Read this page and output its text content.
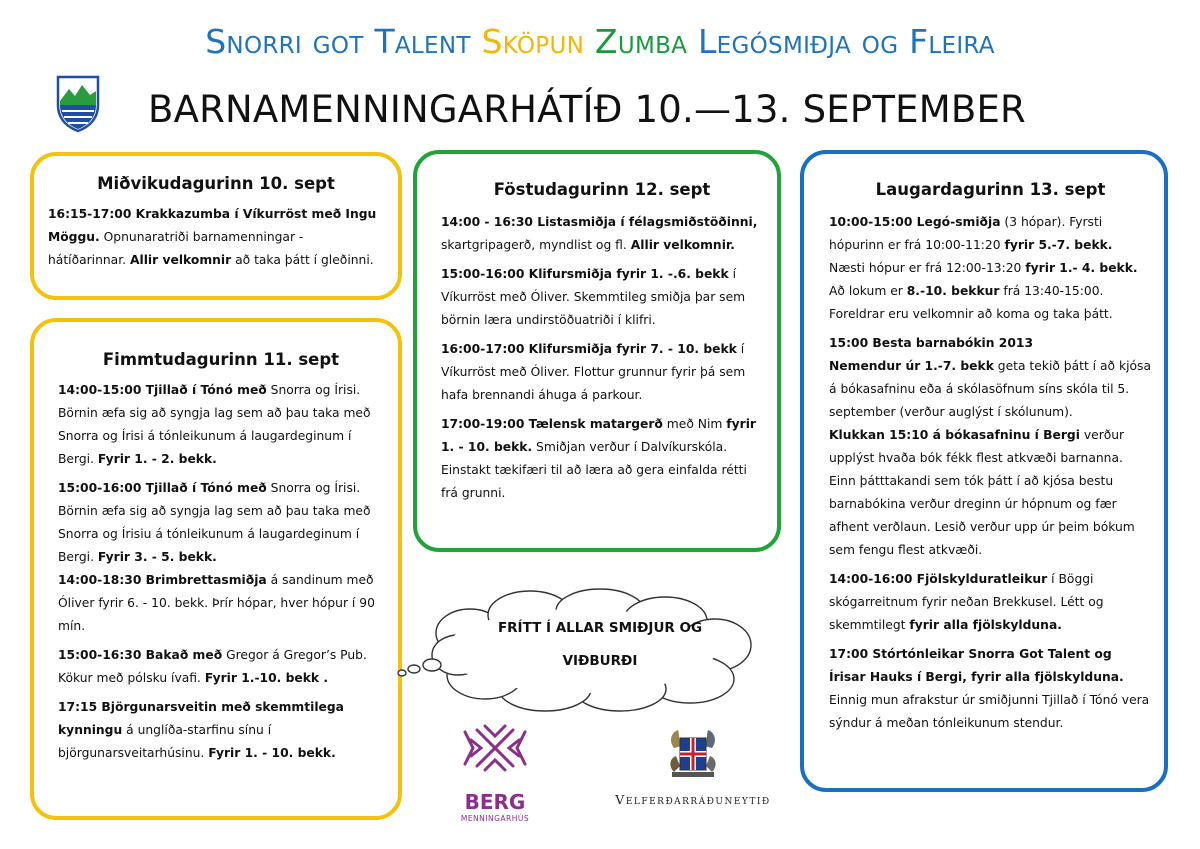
Snorri got Talent Sköpun Zumba Legósmiðja og Fleira
BARNAMENNINGARHÁTÍÐ 10.—13. SEPTEMBER
Miðvikudagurinn 10. sept

16:15-17:00 Krakkazumba í Víkurröst með Ingu Möggu. Opnunaratriði barnamenningar - hátíðarinnar. Allir velkomnir að taka þátt í gleðinni.

Fimmtudagurinn 11. sept

14:00-15:00 Tjillað í Tónó með Snorra og Írisi. Börnin æfa sig að syngja lag sem að þau taka með Snorra og Írisi á tónleikunum á laugardeginum í Bergi. Fyrir 1. - 2. bekk.

15:00-16:00 Tjillað í Tónó með Snorra og Írisi. Börnin æfa sig að syngja lag sem að þau taka með Snorra og Írisiu á tónleikunum á laugardeginum í Bergi. Fyrir 3. - 5. bekk.
14:00-18:30 Brimbrettasmiðja á sandinum með Óliver fyrir 6. - 10. bekk. Þrír hópar, hver hópur í 90 mín.

15:00-16:30 Bakað með Gregor á Gregor’s Pub. Kökur með pólsku ívafi. Fyrir 1.-10. bekk .

17:15 Björgunarsveitin með skemmtilega kynningu á unglíða-starfinu sínu í björgunarsveitarhúsinu. Fyrir 1. - 10. bekk.

Föstudagurinn 12. sept

14:00 - 16:30 Listasmiðja í félagsmiðstöðinni, skartgripagerð, myndlist og fl. Allir velkomnir.

15:00-16:00 Klifursmiðja fyrir 1. -.6. bekk í Víkurröst með Óliver. Skemmtileg smiðja þar sem börnin læra undirstöðuatriði í klifri.

16:00-17:00 Klifursmiðja fyrir 7. - 10. bekk í Víkurröst með Óliver. Flottur grunnur fyrir þá sem hafa brennandi áhuga á parkour.

17:00-19:00 Tælensk matargerð með Nim fyrir 1. - 10. bekk. Smiðjan verður í Dalvíkurskóla. Einstakt tækifæri til að læra að gera einfalda rétti frá grunni.

Laugardagurinn 13. sept

10:00-15:00 Legó-smiðja (3 hópar). Fyrsti hópurinn er frá 10:00-11:20 fyrir 5.-7. bekk. Næsti hópur er frá 12:00-13:20 fyrir 1.- 4. bekk. Að lokum er 8.-10. bekkur frá 13:40-15:00. Foreldrar eru velkomnir að koma og taka þátt.

15:00 Besta barnabókin 2013
Nemendur úr 1.-7. bekk geta tekið þátt í að kjósa á bókasafninu eða á skólasöfnum síns skóla til 5. september (verður auglýst í skólunum).
Klukkan 15:10 á bókasafninu í Bergi verður upplýst hvaða bók fékk flest atkvæði barnanna. Einn þátttakandi sem tók þátt í að kjósa bestu barnabókina verður dreginn úr hópnum og fær afhent verðlaun. Lesið verður upp úr þeim bókum sem fengu flest atkvæði.

14:00-16:00 Fjölskylduratleikur í Böggi skógarreitnum fyrir neðan Brekkusel. Létt og skemmtilegt fyrir alla fjölskylduna.

17:00 Stórtónleikar Snorra Got Talent og Írisar Hauks í Bergi, fyrir alla fjölskylduna. Einnig mun afrakstur úr smiðjunni Tjillað í Tónó vera sýndur á meðan tónleikunum stendur.

FRÍTT Í ALLAR SMIÐJUR OG VIÐBURÐI
BERG
MENNINGARHÚS
Velferðarráðuneytið
